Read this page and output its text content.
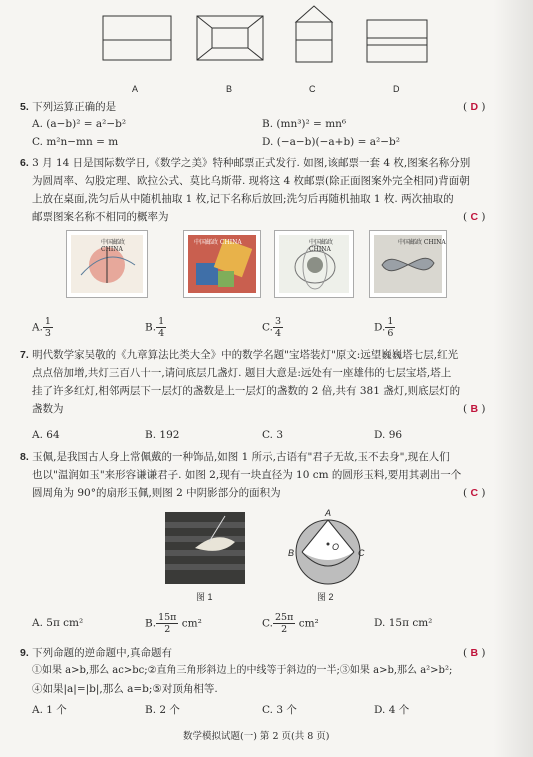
A	B	C	D
5. 下列运算正确的是	( D )
A. (a−b)² = a²−b²	B. (mn³)² = mn⁶
C. m²n−mn = m	D. (−a−b)(−a+b) = a²−b²
6. 3 月 14 日是国际数学日,《数学之美》特种邮票正式发行. 如图,该邮票一套 4 枚,图案名称分别
为圆周率、勾股定理、欧拉公式、莫比乌斯带. 现将这 4 枚邮票(除正面图案外完全相同)背面朝
上放在桌面,洗匀后从中随机抽取 1 枚,记下名称后放回;洗匀后再随机抽取 1 枚. 两次抽取的
邮票图案名称不相同的概率为	( C )
中国邮政 CHINA
中国邮政 CHINA	中国邮政 CHINA
中国邮政 CHINA
A. $\frac{1}{3}$	B. $\frac{1}{4}$	C. $\frac{3}{4}$	D. $\frac{1}{6}$
7. 明代数学家吴敬的《九章算法比类大全》中的数学名题"宝塔装灯"原文:远望巍巍塔七层,红光
点点倍加增,共灯三百八十一,请问底层几盏灯. 题目大意是:远处有一座雄伟的七层宝塔,塔上
挂了许多红灯,相邻两层下一层灯的盏数是上一层灯的盏数的 2 倍,共有 381 盏灯,则底层灯的
盏数为	( B )
A. 64	B. 192	C. 3	D. 96
8. 玉佩,是我国古人身上常佩戴的一种饰品,如图 1 所示,古语有"君子无故,玉不去身",现在人们
也以"温润如玉"来形容谦谦君子. 如图 2,现有一块直径为 10 cm 的圆形玉料,要用其剥出一个
圆周角为 90°的扇形玉佩,则图 2 中阴影部分的面积为	( C )
图 1
A
B	C
O
图 2
A. 5π cm²	B. $\frac{15\pi}{2} cm^2$	C. $\frac{25\pi}{2} cm^2$	D. 15π cm²
9. 下列命题的逆命题中,真命题有	( B )
①如果 a>b,那么 ac>bc;②直角三角形斜边上的中线等于斜边的一半;③如果 a>b,那么 a²>b²;
④如果|a|=|b|,那么 a=b;⑤对顶角相等.
A. 1 个	B. 2 个	C. 3 个	D. 4 个
数学模拟试题(一) 第 2 页(共 8 页)
